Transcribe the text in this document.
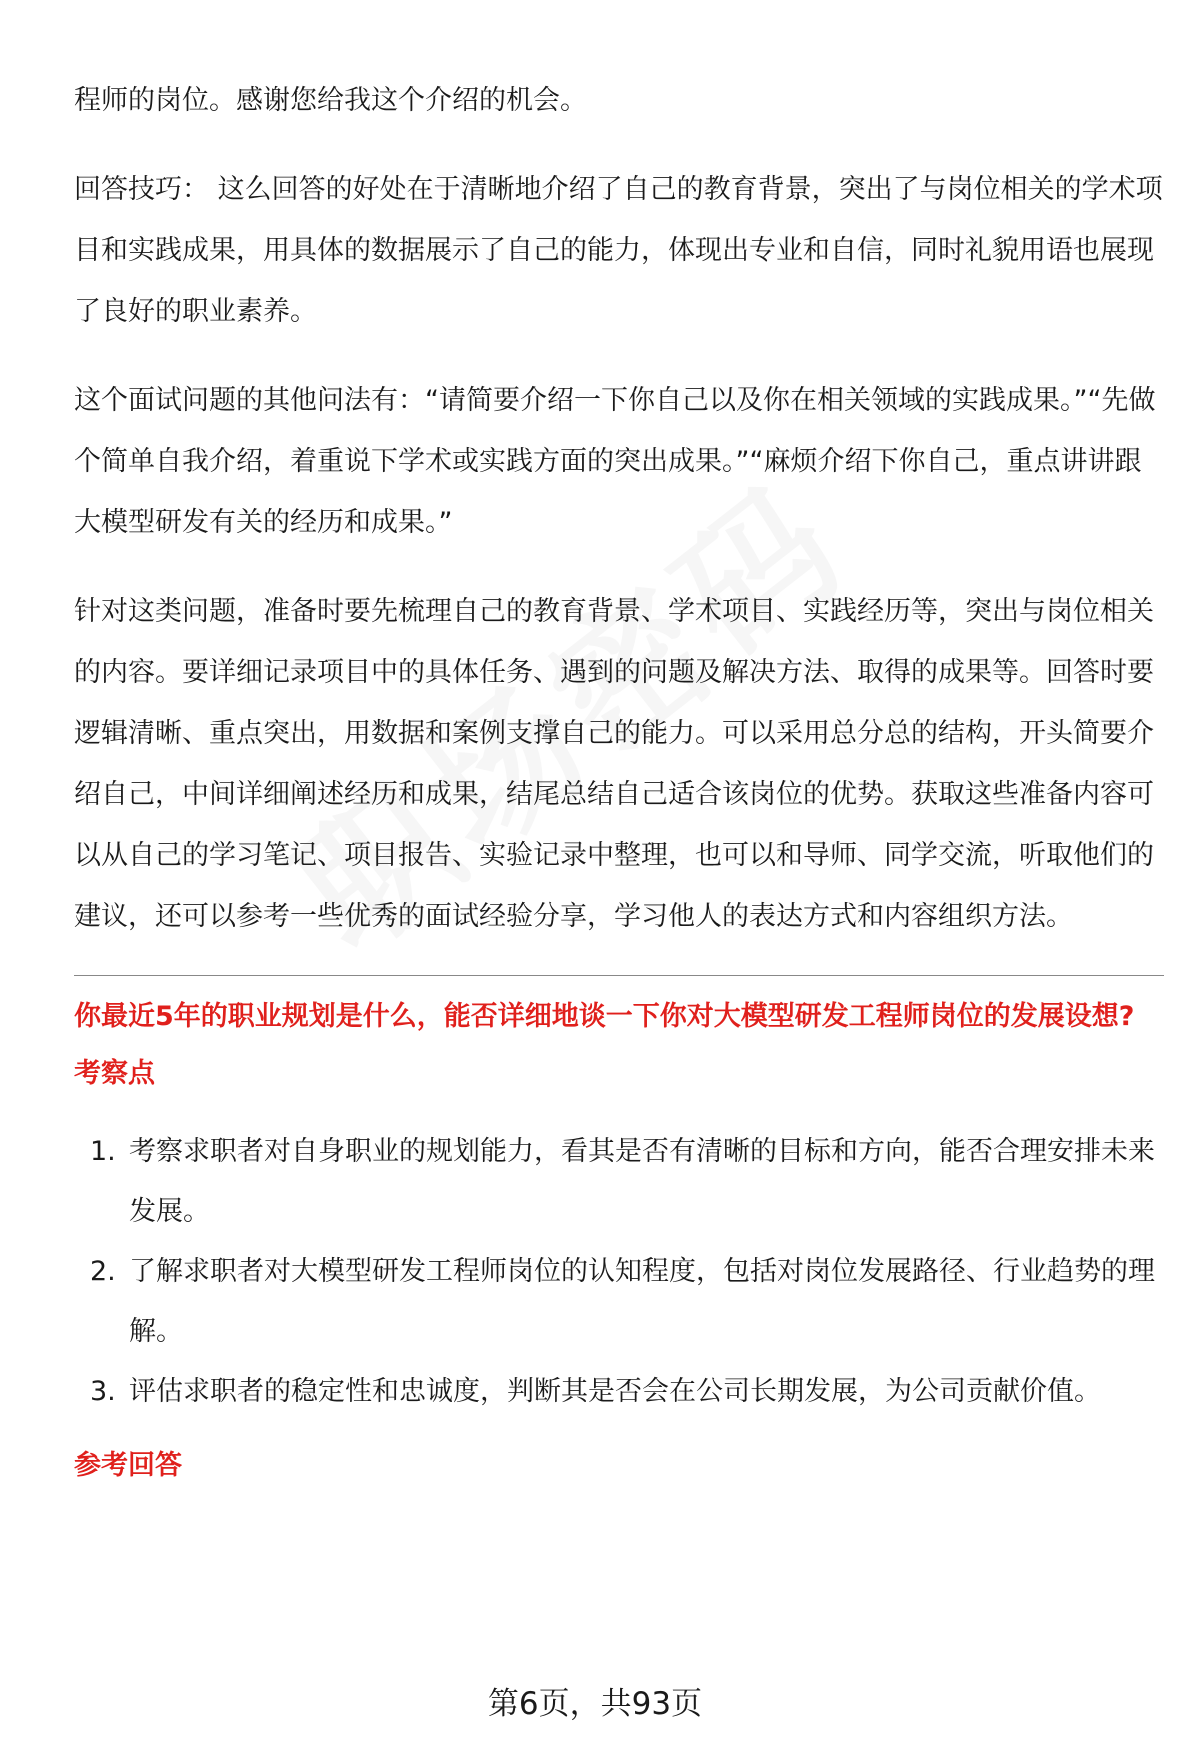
程师的岗位。感谢您给我这个介绍的机会。

回答技巧： 这么回答的好处在于清晰地介绍了自己的教育背景，突出了与岗位相关的学术项目和实践成果，用具体的数据展示了自己的能力，体现出专业和自信，同时礼貌用语也展现了良好的职业素养。

这个面试问题的其他问法有：“请简要介绍一下你自己以及你在相关领域的实践成果。”“先做个简单自我介绍，着重说下学术或实践方面的突出成果。”“麻烦介绍下你自己，重点讲讲跟大模型研发有关的经历和成果。”

针对这类问题，准备时要先梳理自己的教育背景、学术项目、实践经历等，突出与岗位相关的内容。要详细记录项目中的具体任务、遇到的问题及解决方法、取得的成果等。回答时要逻辑清晰、重点突出，用数据和案例支撑自己的能力。可以采用总分总的结构，开头简要介绍自己，中间详细阐述经历和成果，结尾总结自己适合该岗位的优势。获取这些准备内容可以从自己的学习笔记、项目报告、实验记录中整理，也可以和导师、同学交流，听取他们的建议，还可以参考一些优秀的面试经验分享，学习他人的表达方式和内容组织方法。

你最近5年的职业规划是什么，能否详细地谈一下你对大模型研发工程师岗位的发展设想?
考察点
1. 考察求职者对自身职业的规划能力，看其是否有清晰的目标和方向，能否合理安排未来发展。
2. 了解求职者对大模型研发工程师岗位的认知程度，包括对岗位发展路径、行业趋势的理解。
3. 评估求职者的稳定性和忠诚度，判断其是否会在公司长期发展，为公司贡献价值。
参考回答
第6页，共93页
